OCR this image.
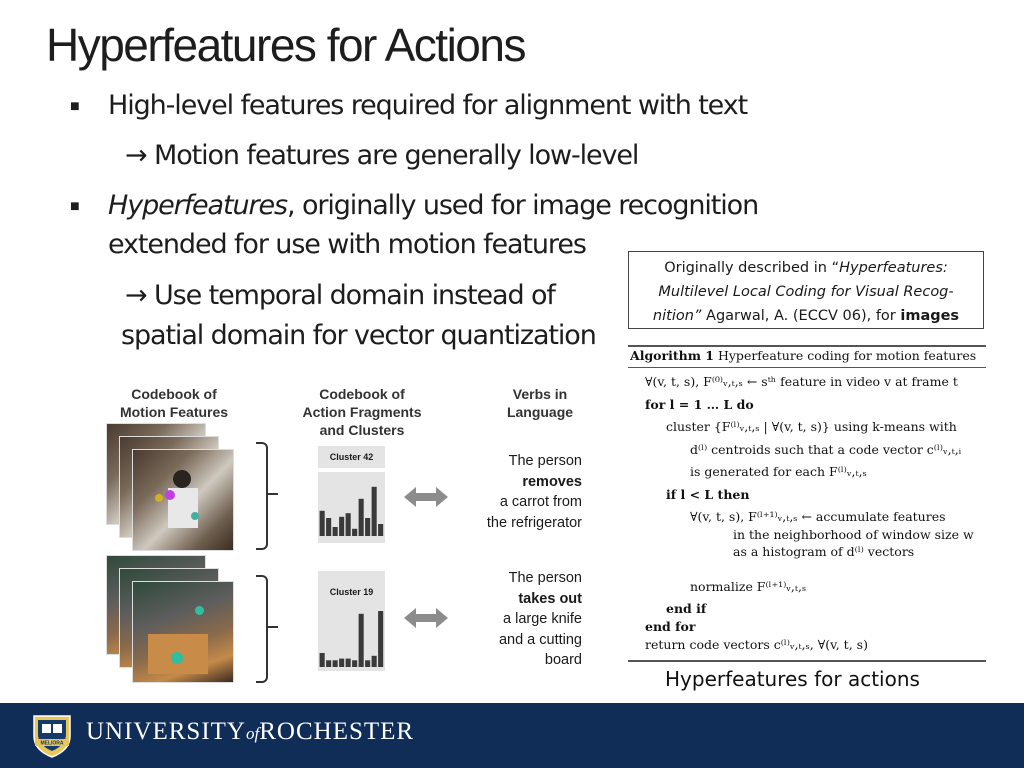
Hyperfeatures for Actions
■ High-level features required for alignment with text
→ Motion features are generally low-level
■ Hyperfeatures, originally used for image recognition
extended for use with motion features
→ Use temporal domain instead of
spatial domain for vector quantization
Originally described in “Hyperfeatures:
Multilevel Local Coding for Visual Recog-
nition” Agarwal, A. (ECCV 06), for images
Codebook of
Motion Features
Codebook of
Action Fragments
and Clusters
Verbs in
Language
Cluster 42
Cluster 19
The person
removes
a carrot from
the refrigerator
The person
takes out
a large knife
and a cutting
board
Algorithm 1 Hyperfeature coding for motion features
∀(v, t, s), F⁽⁰⁾ᵥ,ₜ,ₛ ← sᵗʰ feature in video v at frame t
for l = 1 … L do
cluster {F⁽ˡ⁾ᵥ,ₜ,ₛ | ∀(v, t, s)} using k-means with
d⁽ˡ⁾ centroids such that a code vector c⁽ˡ⁾ᵥ,ₜ,ᵢ
is generated for each F⁽ˡ⁾ᵥ,ₜ,ₛ
if l < L then
∀(v, t, s), F⁽ˡ⁺¹⁾ᵥ,ₜ,ₛ ← accumulate features
in the neighborhood of window size w
as a histogram of d⁽ˡ⁾ vectors
normalize F⁽ˡ⁺¹⁾ᵥ,ₜ,ₛ
end if
end for
return code vectors c⁽ˡ⁾ᵥ,ₜ,ₛ, ∀(v, t, s)
Hyperfeatures for actions
MELIORA UNIVERSITYofROCHESTER
